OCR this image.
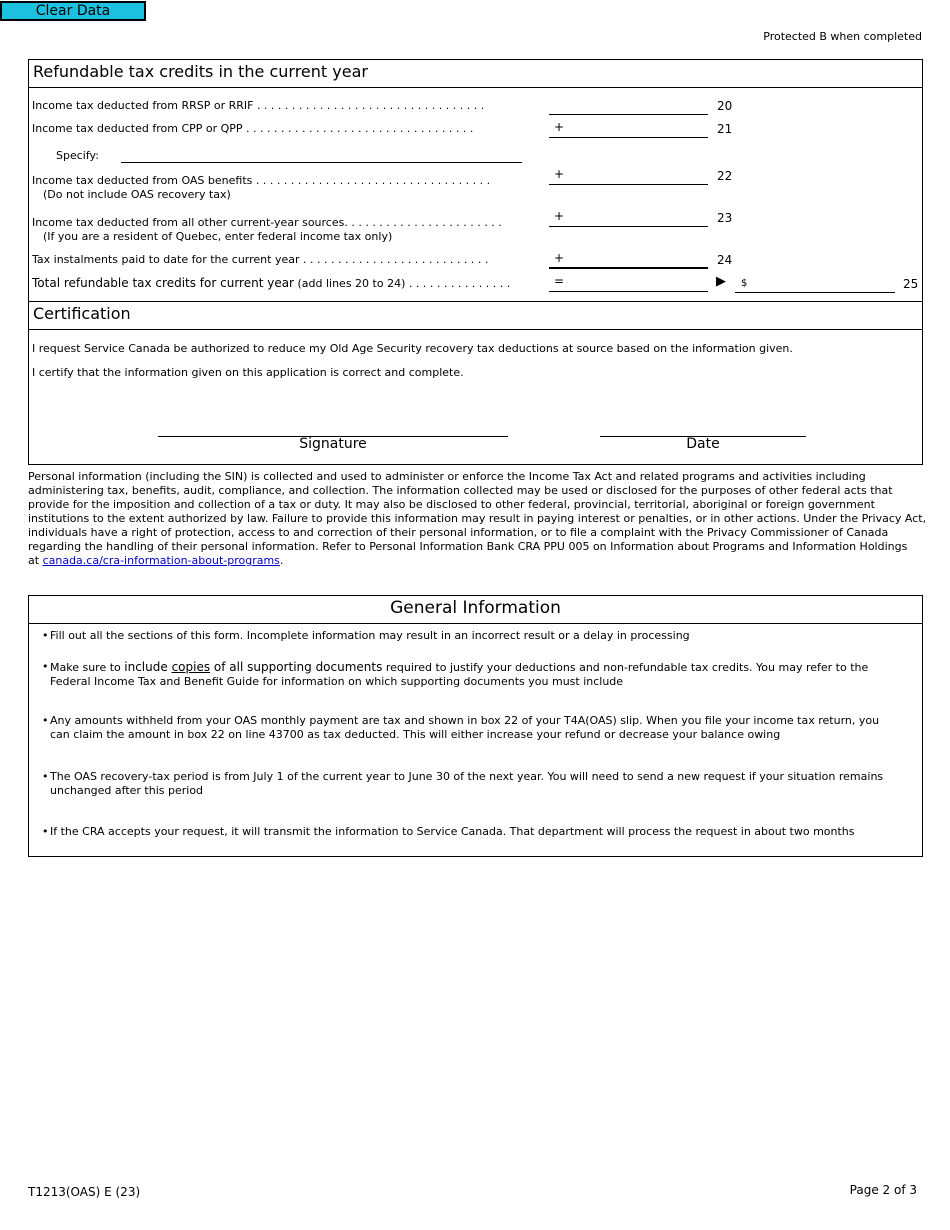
Clear Data
Protected B when completed
Refundable tax credits in the current year
Income tax deducted from RRSP or RRIF . . . . . . . . . . . . . . . . . . . . . . . . . . . . . . . . .	20
Income tax deducted from CPP or QPP . . . . . . . . . . . . . . . . . . . . . . . . . . . . . . . . .	+	21
Specify:
Income tax deducted from OAS benefits . . . . . . . . . . . . . . . . . . . . . . . . . . . . . . . . . .
(Do not include OAS recovery tax)
+	22
Income tax deducted from all other current-year sources. . . . . . . . . . . . . . . . . . . . . . .
(If you are a resident of Quebec, enter federal income tax only)
+	23
Tax instalments paid to date for the current year . . . . . . . . . . . . . . . . . . . . . . . . . . .	+	24
Total refundable tax credits for current year (add lines 20 to 24) . . . . . . . . . . . . . . .	=	▶ $	25
Certification
I request Service Canada be authorized to reduce my Old Age Security recovery tax deductions at source based on the information given.
I certify that the information given on this application is correct and complete.
Signature	Date
Personal information (including the SIN) is collected and used to administer or enforce the Income Tax Act and related programs and activities including administering tax, benefits, audit, compliance, and collection. The information collected may be used or disclosed for the purposes of other federal acts that provide for the imposition and collection of a tax or duty. It may also be disclosed to other federal, provincial, territorial, aboriginal or foreign government institutions to the extent authorized by law. Failure to provide this information may result in paying interest or penalties, or in other actions. Under the Privacy Act, individuals have a right of protection, access to and correction of their personal information, or to file a complaint with the Privacy Commissioner of Canada regarding the handling of their personal information. Refer to Personal Information Bank CRA PPU 005 on Information about Programs and Information Holdings
at canada.ca/cra-information-about-programs.
General Information
• Fill out all the sections of this form. Incomplete information may result in an incorrect result or a delay in processing
• Make sure to include copies of all supporting documents required to justify your deductions and non-refundable tax credits. You may refer to the Federal Income Tax and Benefit Guide for information on which supporting documents you must include
• Any amounts withheld from your OAS monthly payment are tax and shown in box 22 of your T4A(OAS) slip. When you file your income tax return, you can claim the amount in box 22 on line 43700 as tax deducted. This will either increase your refund or decrease your balance owing
• The OAS recovery-tax period is from July 1 of the current year to June 30 of the next year. You will need to send a new request if your situation remains unchanged after this period
• If the CRA accepts your request, it will transmit the information to Service Canada. That department will process the request in about two months
T1213(OAS) E (23)	Page 2 of 3
